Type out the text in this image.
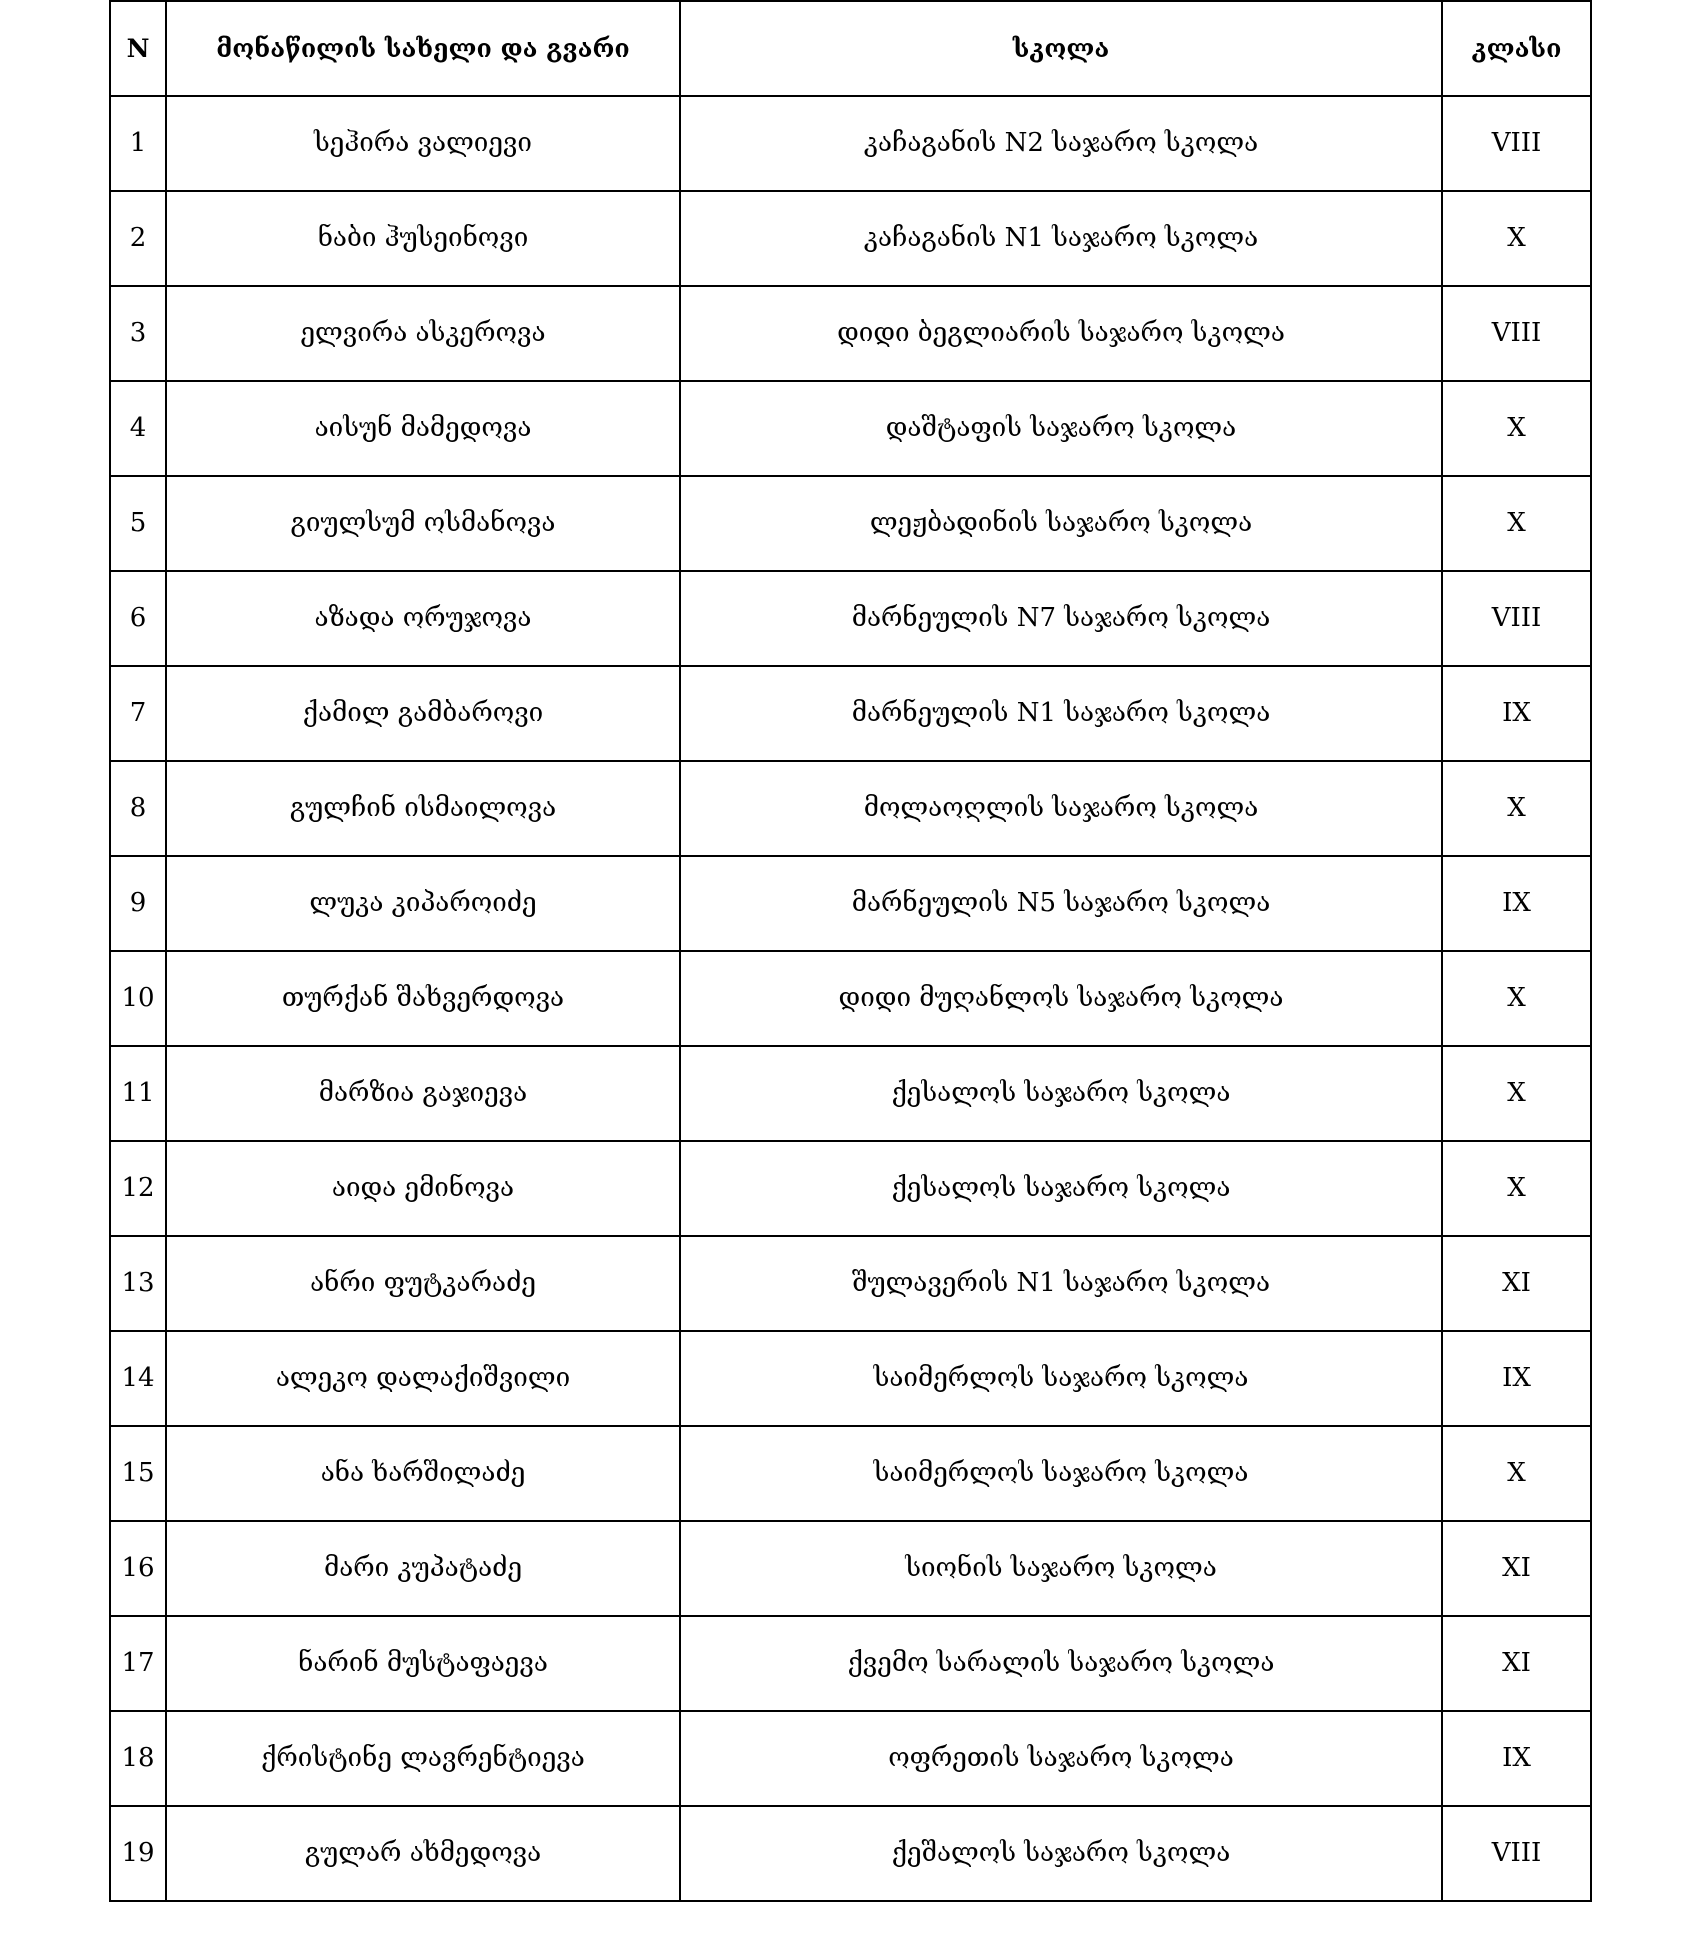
N	მონაწილის სახელი და გვარი	სკოლა	კლასი
1	სეჰირა ვალიევი	კაჩაგანის N2 საჯარო სკოლა	VIII
2	ნაბი ჰუსეინოვი	კაჩაგანის N1 საჯარო სკოლა	X
3	ელვირა ასკეროვა	დიდი ბეგლიარის საჯარო სკოლა	VIII
4	აისუნ მამედოვა	დაშტაფის საჯარო სკოლა	X
5	გიულსუმ ოსმანოვა	ლეჟბადინის საჯარო სკოლა	X
6	აზადა ორუჯოვა	მარნეულის N7 საჯარო სკოლა	VIII
7	ქამილ გამბაროვი	მარნეულის N1 საჯარო სკოლა	IX
8	გულჩინ ისმაილოვა	მოლაოღლის საჯარო სკოლა	X
9	ლუკა კიპაროიძე	მარნეულის N5 საჯარო სკოლა	IX
10	თურქან შახვერდოვა	დიდი მუღანლოს საჯარო სკოლა	X
11	მარზია გაჯიევა	ქესალოს საჯარო სკოლა	X
12	აიდა ემინოვა	ქესალოს საჯარო სკოლა	X
13	ანრი ფუტკარაძე	შულავერის N1 საჯარო სკოლა	XI
14	ალეკო დალაქიშვილი	საიმერლოს საჯარო სკოლა	IX
15	ანა ხარშილაძე	საიმერლოს საჯარო სკოლა	X
16	მარი კუპატაძე	სიონის საჯარო სკოლა	XI
17	ნარინ მუსტაფაევა	ქვემო სარალის საჯარო სკოლა	XI
18	ქრისტინე ლავრენტიევა	ოფრეთის საჯარო სკოლა	IX
19	გულარ ახმედოვა	ქეშალოს საჯარო სკოლა	VIII
